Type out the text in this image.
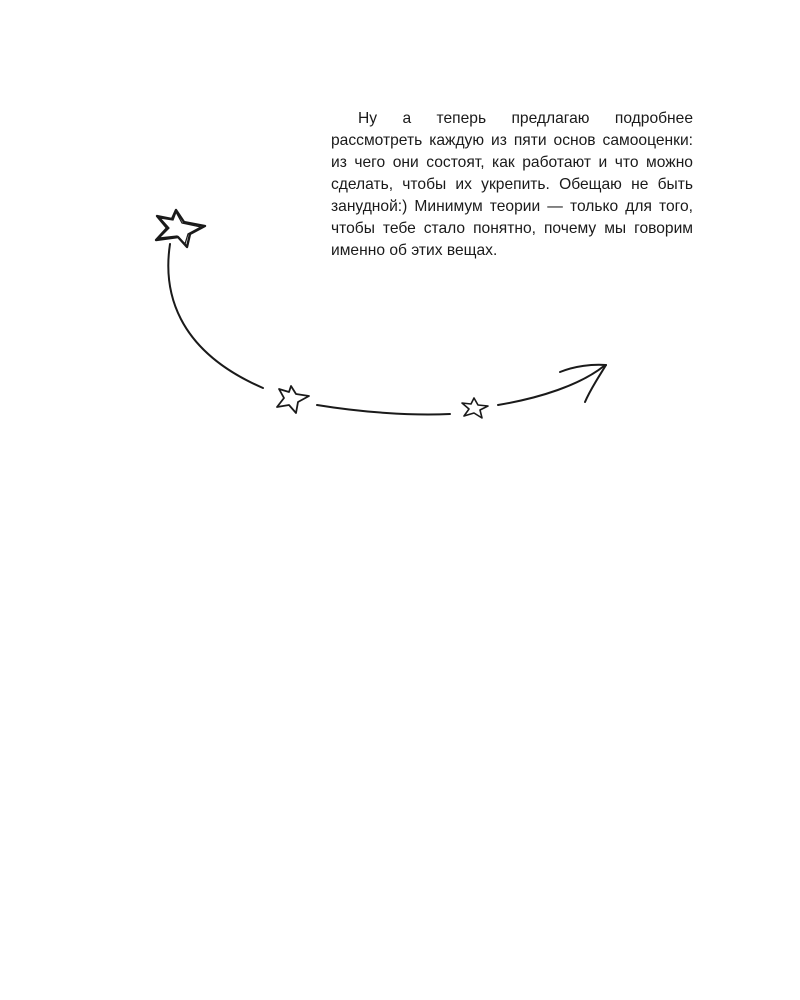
Ну а теперь предлагаю подробнее рассмотреть каждую из пяти основ самооценки: из чего они состоят, как работают и что можно сделать, чтобы их укрепить. Обещаю не быть занудной:) Минимум теории — только для того, чтобы тебе стало понятно, почему мы говорим именно об этих вещах.
